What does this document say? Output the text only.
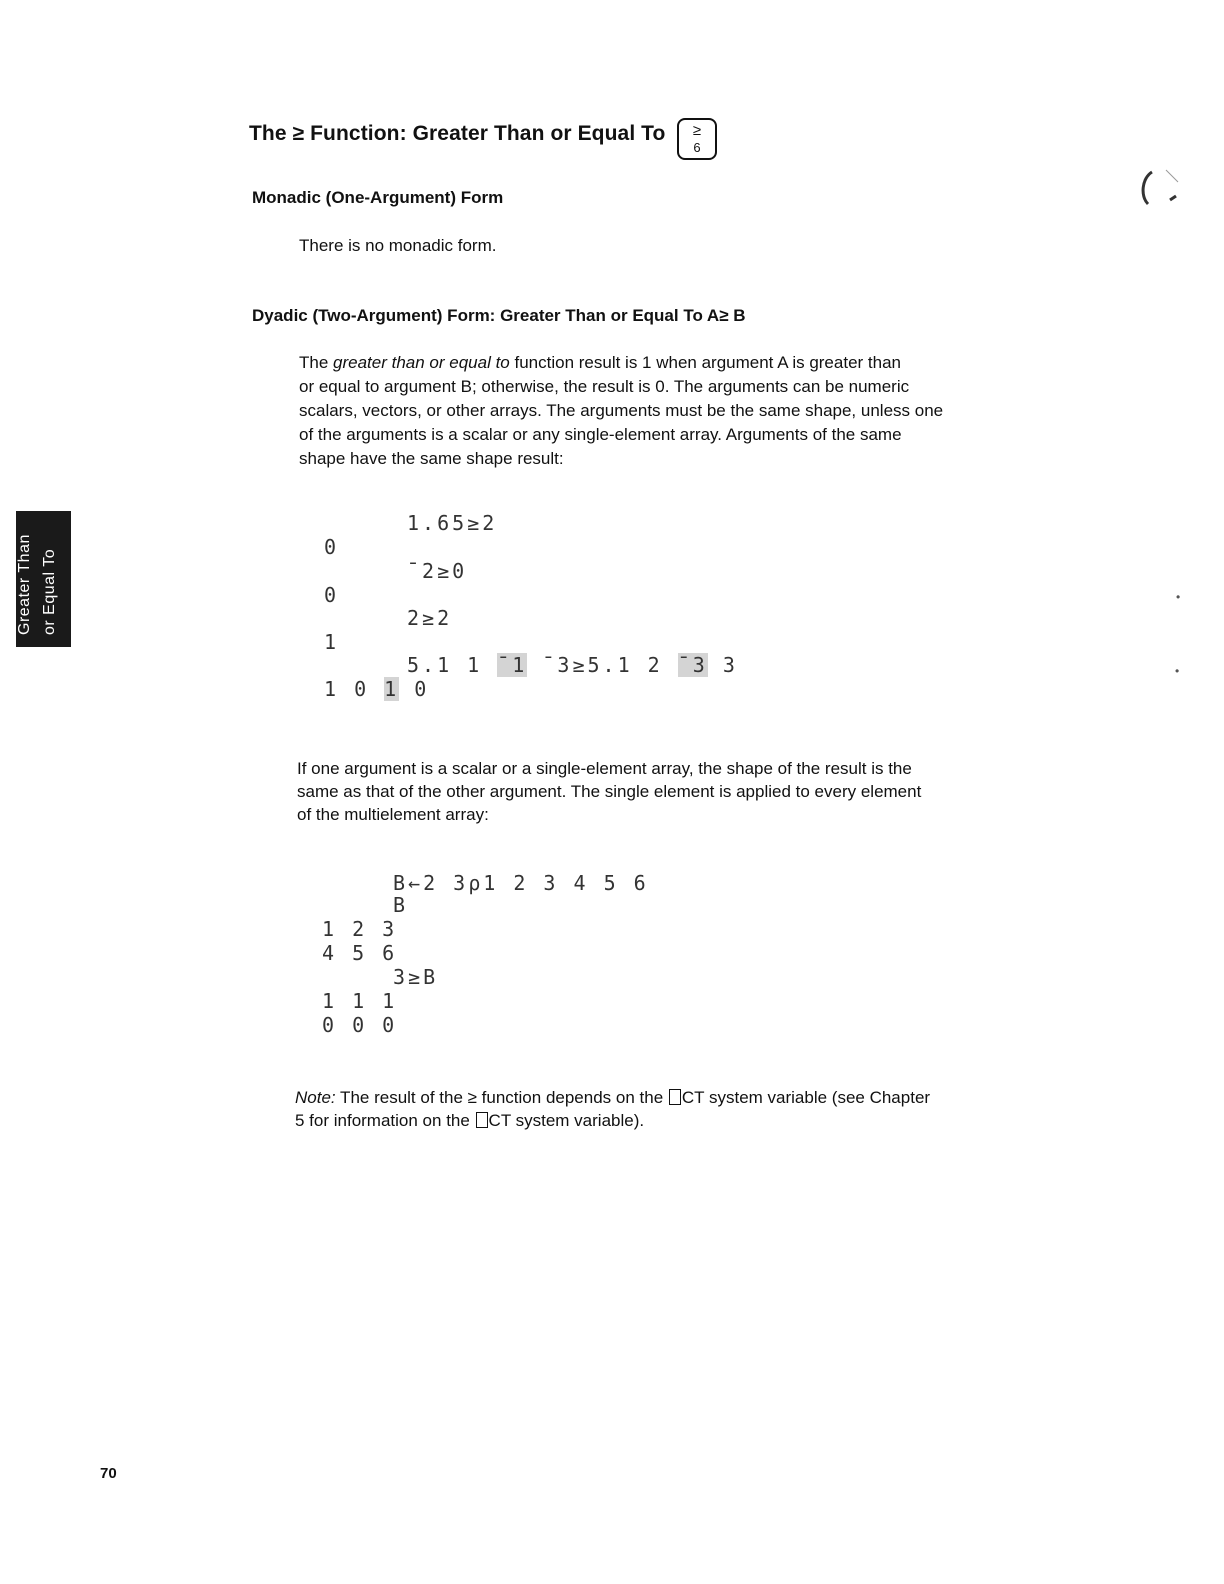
The ≥ Function: Greater Than or Equal To	≥
6
Monadic (One-Argument) Form
There is no monadic form.
Dyadic (Two-Argument) Form: Greater Than or Equal To A≥ B
The greater than or equal to function result is 1 when argument A is greater than
or equal to argument B; otherwise, the result is 0. The arguments can be numeric
scalars, vectors, or other arrays. The arguments must be the same shape, unless one
of the arguments is a scalar or any single-element array. Arguments of the same
shape have the same shape result:
1.65≥2
0
¯2≥0
0
2≥2
1
5.1 1 ¯1 ¯3≥5.1 2 ¯3 3
1 0 1 0
If one argument is a scalar or a single-element array, the shape of the result is the
same as that of the other argument. The single element is applied to every element
of the multielement array:
B←2 3⍴1 2 3 4 5 6
B
1 2 3
4 5 6
3≥B
1 1 1
0 0 0
Note: The result of the ≥ function depends on the CT system variable (see Chapter
5 for information on the CT system variable).
Greater Than or Equal To
70
•
•
